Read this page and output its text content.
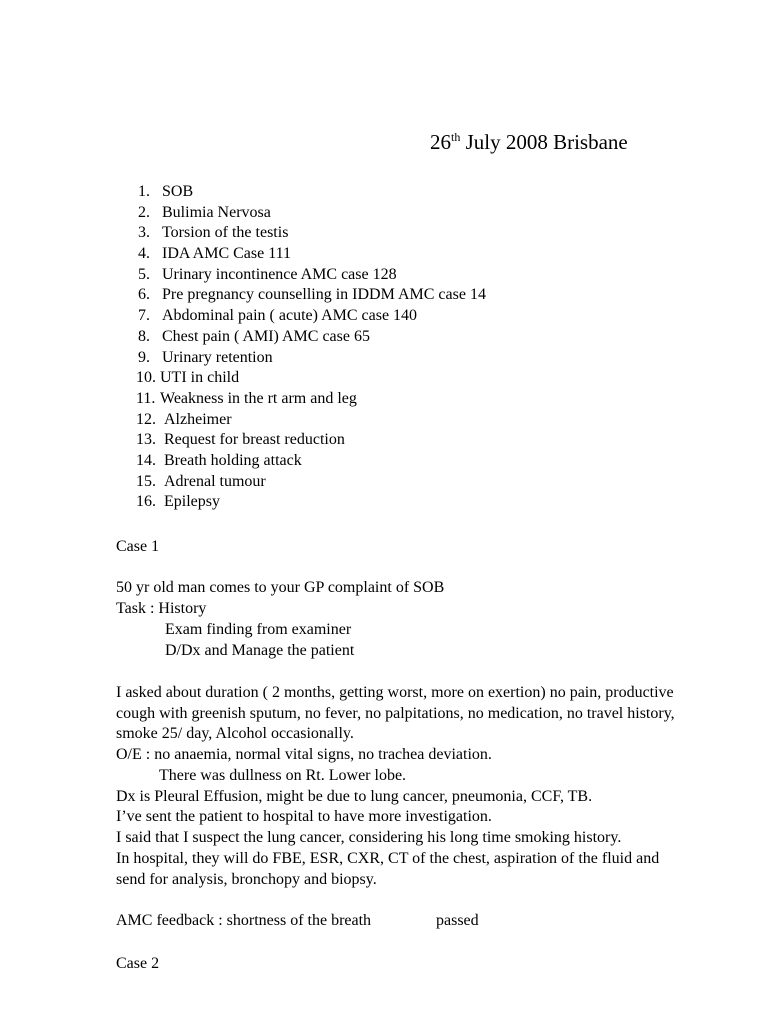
26th July 2008 Brisbane
1. SOB
2. Bulimia Nervosa
3. Torsion of the testis
4. IDA AMC Case 111
5. Urinary incontinence AMC case 128
6. Pre pregnancy counselling in IDDM AMC case 14
7. Abdominal pain ( acute) AMC case 140
8. Chest pain ( AMI) AMC case 65
9. Urinary retention
10. UTI in child
11. Weakness in the rt arm and leg
12. Alzheimer
13. Request for breast reduction
14. Breath holding attack
15. Adrenal tumour
16. Epilepsy
Case 1
50 yr old man comes to your GP complaint of SOB
Task : History
Exam finding from examiner
D/Dx and Manage the patient
I asked about duration ( 2 months, getting worst, more on exertion) no pain, productive
cough with greenish sputum, no fever, no palpitations, no medication, no travel history,
smoke 25/ day, Alcohol occasionally.
O/E : no anaemia, normal vital signs, no trachea deviation.
There was dullness on Rt. Lower lobe.
Dx is Pleural Effusion, might be due to lung cancer, pneumonia, CCF, TB.
I’ve sent the patient to hospital to have more investigation.
I said that I suspect the lung cancer, considering his long time smoking history.
In hospital, they will do FBE, ESR, CXR, CT of the chest, aspiration of the fluid and
send for analysis, bronchopy and biopsy.
AMC feedback : shortness of the breath	passed
Case 2
